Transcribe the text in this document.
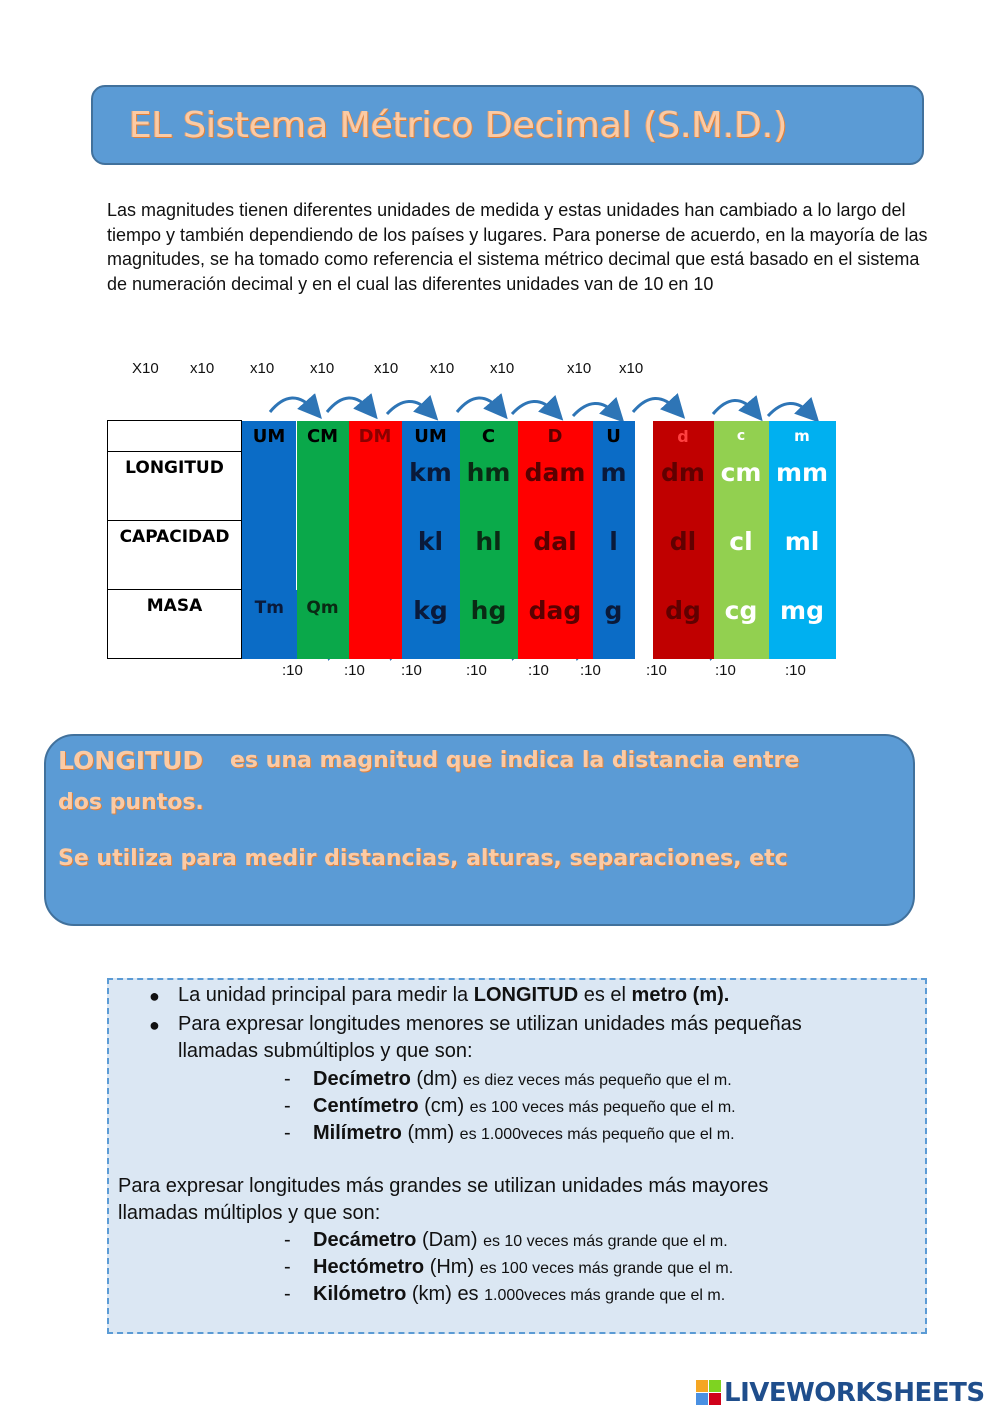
EL Sistema Métrico Decimal (S.M.D.)
Las magnitudes tienen diferentes unidades de medida y estas unidades han cambiado a lo largo del tiempo y también dependiendo de los países y lugares. Para ponerse de acuerdo, en la mayoría de las magnitudes, se ha tomado como referencia el sistema métrico decimal que está basado en el sistema de numeración decimal y en el cual las diferentes unidades van de 10 en 10
X10 x10 x10 x10	x10 x10 x10	x10 x10
	UM	CM	DM	UM	C	D	U		d	c	m
LONGITUD				km	hm	dam	m		dm	cm	mm

CAPACIDAD				kl	hl	dal	l		dl	cl	ml

MASA	Tm	Qm		kg	hg	dag	g		dg	cg	mg
:10	:10 :10	:10	:10 :10	:10	:10	:10
LONGITUD es una magnitud que indica la distancia entre
dos puntos.
Se utiliza para medir distancias, alturas, separaciones, etc
● La unidad principal para medir la LONGITUD es el metro (m).
● Para expresar longitudes menores se utilizan unidades más pequeñas
llamadas submúltiplos y que son:
- Decímetro (dm) es diez veces más pequeño que el m.
- Centímetro (cm) es 100 veces más pequeño que el m.
- Milímetro (mm) es 1.000veces más pequeño que el m.
Para expresar longitudes más grandes se utilizan unidades más mayores
llamadas múltiplos y que son:
- Decámetro (Dam) es 10 veces más grande que el m.
- Hectómetro (Hm) es 100 veces más grande que el m.
- Kilómetro (km) es 1.000veces más grande que el m.
LIVEWORKSHEETS
